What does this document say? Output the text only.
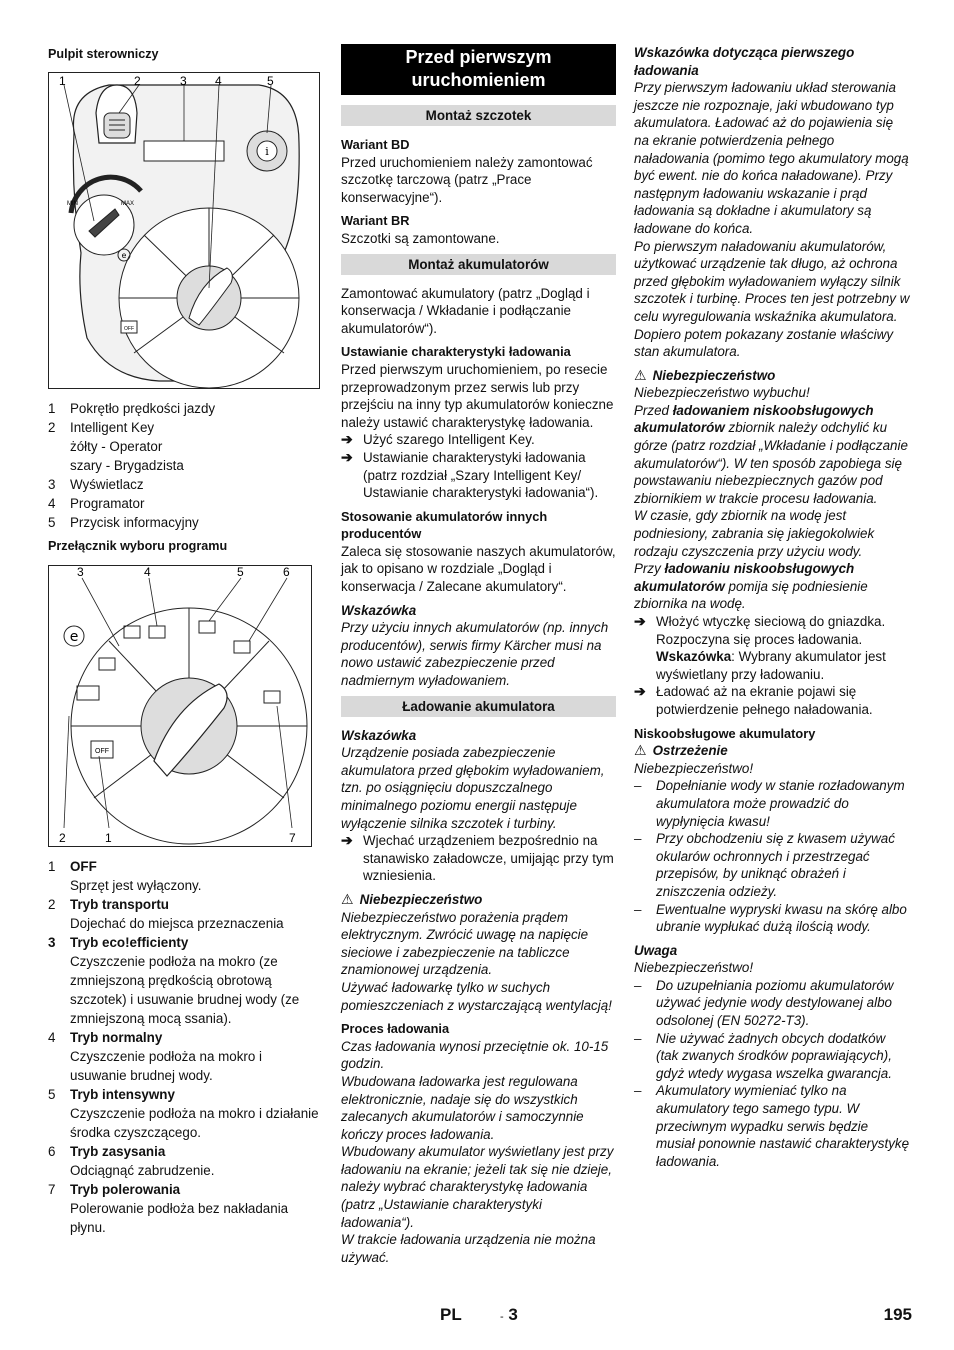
Pulpit sterowniczy
i
MIN	MAX
OFF
e
1	2	3 4	5
1	Pokrętło prędkości jazdy
2	Intelligent Key
żółty - Operator
szary - Brygadzista
3	Wyświetlacz
4	Programator
5	Przycisk informacyjny
Przełącznik wyboru programu
e
OFF
3	4	5	6
2	1	7
1	OFF
Sprzęt jest wyłączony.
2	Tryb transportu
Dojechać do miejsca przeznaczenia
3	Tryb eco!efficienty
Czyszczenie podłoża na mokro (ze zmniejszoną prędkością obrotową szczotek) i usuwanie brudnej wody (ze zmniejszoną mocą ssania).
4	Tryb normalny
Czyszczenie podłoża na mokro i usuwanie brudnej wody.
5	Tryb intensywny
Czyszczenie podłoża na mokro i działanie środka czyszczącego.
6	Tryb zasysania
Odciągnąć zabrudzenie.
7	Tryb polerowania
Polerowanie podłoża bez nakładania płynu.
Przed pierwszym uruchomieniem
Montaż szczotek

Wariant BD

Przed uruchomieniem należy zamontować szczotkę tarczową (patrz „Prace konserwacyjne“).

Wariant BR

Szczotki są zamontowane.

Montaż akumulatorów

Zamontować akumulatory (patrz „Dogląd i konserwacja / Wkładanie i podłączanie akumulatorów“).

Ustawianie charakterystyki ładowania

Przed pierwszym uruchomieniem, po resecie przeprowadzonym przez serwis lub przy przejściu na inny typ akumulatorów konieczne należy ustawić charakterystykę ładowania.

➔ Użyć szarego Intelligent Key.
➔ Ustawianie charakterystyki ładowania (patrz rozdział „Szary Intelligent Key/ Ustawianie charakterystyki ładowania“).

Stosowanie akumulatorów innych producentów

Zaleca się stosowanie naszych akumulatorów, jak to opisano w rozdziale „Dogląd i konserwacja / Zalecane akumulatory“.

Wskazówka

Przy użyciu innych akumulatorów (np. innych producentów), serwis firmy Kärcher musi na nowo ustawić zabezpieczenie przed nadmiernym wyładowaniem.

Ładowanie akumulatora

Wskazówka

Urządzenie posiada zabezpieczenie akumulatora przed głębokim wyładowaniem, tzn. po osiągnięciu dopuszczalnego minimalnego poziomu energii następuje wyłączenie silnika szczotek i turbiny.

➔ Wjechać urządzeniem bezpośrednio na stanawisko załadowcze, umijając przy tym wzniesienia.
⚠ Niebezpieczeństwo

Niebezpieczeństwo porażenia prądem elektrycznym. Zwrócić uwagę na napięcie sieciowe i zabezpieczenie na tabliczce znamionowej urządzenia.

Używać ładowarkę tylko w suchych pomieszczeniach z wystarczającą wentylacją!

Proces ładowania

Czas ładowania wynosi przeciętnie ok. 10-15 godzin.

Wbudowana ładowarka jest regulowana elektronicznie, nadaje się do wszystkich zalecanych akumulatorów i samoczynnie kończy proces ładowania.

Wbudowany akumulator wyświetlany jest przy ładowaniu na ekranie; jeżeli tak się nie dzieje, należy wybrać charakterystykę ładowania (patrz „Ustawianie charakterystyki ładowania“).

W trakcie ładowania urządzenia nie można używać.

Wskazówka dotycząca pierwszego ładowania

Przy pierwszym ładowaniu układ sterowania jeszcze nie rozpoznaje, jaki wbudowano typ akumulatora. Ładować aż do pojawienia się na ekranie potwierdzenia pełnego naładowania (pomimo tego akumulatory mogą być ewent. nie do końca naładowane). Przy następnym ładowaniu wskazanie i prąd ładowania są dokładne i akumulatory są ładowane do końca.

Po pierwszym naładowaniu akumulatorów, użytkować urządzenie tak długo, aż ochrona przed głębokim wyładowaniem wyłączy silnik szczotek i turbinę. Proces ten jest potrzebny w celu wyregulowania wskaźnika akumulatora. Dopiero potem pokazany zostanie właściwy stan akumulatora.

⚠ Niebezpieczeństwo

Niebezpieczeństwo wybuchu!

Przed ładowaniem niskoobsługowych akumulatorów zbiornik należy odchylić ku górze (patrz rozdział „Wkładanie i podłączanie akumulatorów“). W ten sposób zapobiega się powstawaniu niebezpiecznych gazów pod zbiornikiem w trakcie procesu ładowania.

W czasie, gdy zbiornik na wodę jest podniesiony, zabrania się jakiegokolwiek rodzaju czyszczenia przy użyciu wody.

Przy ładowaniu niskoobsługowych akumulatorów pomija się podniesienie zbiornika na wodę.

➔ Włożyć wtyczkę sieciową do gniazdka. Rozpoczyna się proces ładowania.
Wskazówka: Wybrany akumulator jest wyświetlany przy ładowaniu.
➔ Ładować aż na ekranie pojawi się potwierdzenie pełnego naładowania.

Niskoobsługowe akumulatory

⚠ Ostrzeżenie

Niebezpieczeństwo!

–	Dopełnianie wody w stanie rozładowanym akumulatora może prowadzić do wypłynięcia kwasu!
–	Przy obchodzeniu się z kwasem używać okularów ochronnych i przestrzegać przepisów, by uniknąć obrażeń i zniszczenia odzieży.
–	Ewentualne wypryski kwasu na skórę albo ubranie wypłukać dużą ilością wody.

Uwaga

Niebezpieczeństwo!

–	Do uzupełniania poziomu akumulatorów używać jedynie wody destylowanej albo odsolonej (EN 50272-T3).
–	Nie używać żadnych obcych dodatków (tak zwanych środków poprawiających), gdyż wtedy wygasa wszelka gwarancja.
–	Akumulatory wymieniać tylko na akumulatory tego samego typu. W przeciwnym wypadku serwis będzie musiał ponownie nastawić charakterystykę ładowania.
PL	- 3	195
